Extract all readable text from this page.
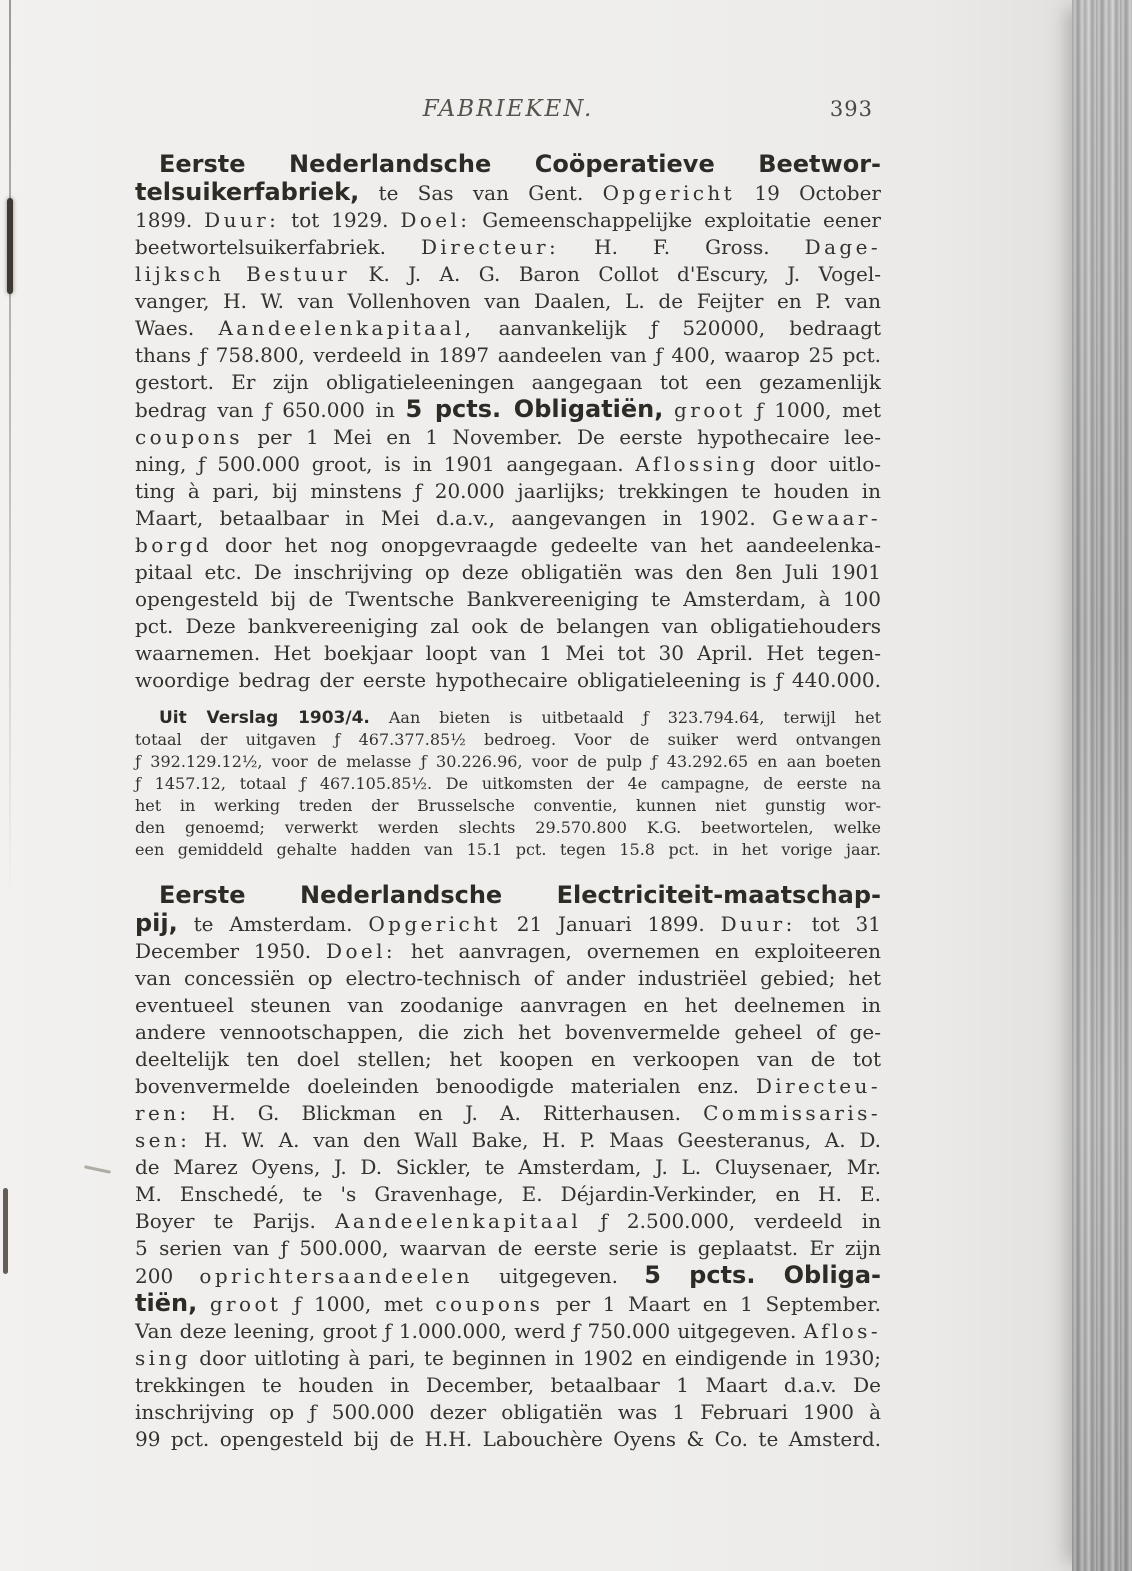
FABRIEKEN.	393
Eerste Nederlandsche Coöperatieve Beetwor-
telsuikerfabriek, te Sas van Gent. Opgericht 19 October
1899. Duur: tot 1929. Doel: Gemeenschappelijke exploitatie eener
beetwortelsuikerfabriek. Directeur: H. F. Gross. Dage-
lijksch Bestuur K. J. A. G. Baron Collot d'Escury, J. Vogel-
vanger, H. W. van Vollenhoven van Daalen, L. de Feijter en P. van
Waes. Aandeelenkapitaal, aanvankelijk ƒ 520000, bedraagt
thans ƒ 758.800, verdeeld in 1897 aandeelen van ƒ 400, waarop 25 pct.
gestort. Er zijn obligatieleeningen aangegaan tot een gezamenlijk
bedrag van ƒ 650.000 in 5 pcts. Obligatiën, groot ƒ 1000, met
coupons per 1 Mei en 1 November. De eerste hypothecaire lee-
ning, ƒ 500.000 groot, is in 1901 aangegaan. Aflossing door uitlo-
ting à pari, bij minstens ƒ 20.000 jaarlijks; trekkingen te houden in
Maart, betaalbaar in Mei d.a.v., aangevangen in 1902. Gewaar-
borgd door het nog onopgevraagde gedeelte van het aandeelenka-
pitaal etc. De inschrijving op deze obligatiën was den 8en Juli 1901
opengesteld bij de Twentsche Bankvereeniging te Amsterdam, à 100
pct. Deze bankvereeniging zal ook de belangen van obligatiehouders
waarnemen. Het boekjaar loopt van 1 Mei tot 30 April. Het tegen-
woordige bedrag der eerste hypothecaire obligatieleening is ƒ 440.000.
Uit Verslag 1903/4. Aan bieten is uitbetaald ƒ 323.794.64, terwijl het
totaal der uitgaven ƒ 467.377.85½ bedroeg. Voor de suiker werd ontvangen
ƒ 392.129.12½, voor de melasse ƒ 30.226.96, voor de pulp ƒ 43.292.65 en aan boeten
ƒ 1457.12, totaal ƒ 467.105.85½. De uitkomsten der 4e campagne, de eerste na
het in werking treden der Brusselsche conventie, kunnen niet gunstig wor-
den genoemd; verwerkt werden slechts 29.570.800 K.G. beetwortelen, welke
een gemiddeld gehalte hadden van 15.1 pct. tegen 15.8 pct. in het vorige jaar.
Eerste Nederlandsche Electriciteit-maatschap-
pij, te Amsterdam. Opgericht 21 Januari 1899. Duur: tot 31
December 1950. Doel: het aanvragen, overnemen en exploiteeren
van concessiën op electro-technisch of ander industriëel gebied; het
eventueel steunen van zoodanige aanvragen en het deelnemen in
andere vennootschappen, die zich het bovenvermelde geheel of ge-
deeltelijk ten doel stellen; het koopen en verkoopen van de tot
bovenvermelde doeleinden benoodigde materialen enz. Directeu-
ren: H. G. Blickman en J. A. Ritterhausen. Commissaris-
sen: H. W. A. van den Wall Bake, H. P. Maas Geesteranus, A. D.
de Marez Oyens, J. D. Sickler, te Amsterdam, J. L. Cluysenaer, Mr.
M. Enschedé, te 's Gravenhage, E. Déjardin-Verkinder, en H. E.
Boyer te Parijs. Aandeelenkapitaal ƒ 2.500.000, verdeeld in
5 serien van ƒ 500.000, waarvan de eerste serie is geplaatst. Er zijn
200 oprichtersaandeelen uitgegeven. 5 pcts. Obliga-
tiën, groot ƒ 1000, met coupons per 1 Maart en 1 September.
Van deze leening, groot ƒ 1.000.000, werd ƒ 750.000 uitgegeven. Aflos-
sing door uitloting à pari, te beginnen in 1902 en eindigende in 1930;
trekkingen te houden in December, betaalbaar 1 Maart d.a.v. De
inschrijving op ƒ 500.000 dezer obligatiën was 1 Februari 1900 à
99 pct. opengesteld bij de H.H. Labouchère Oyens & Co. te Amsterd.
